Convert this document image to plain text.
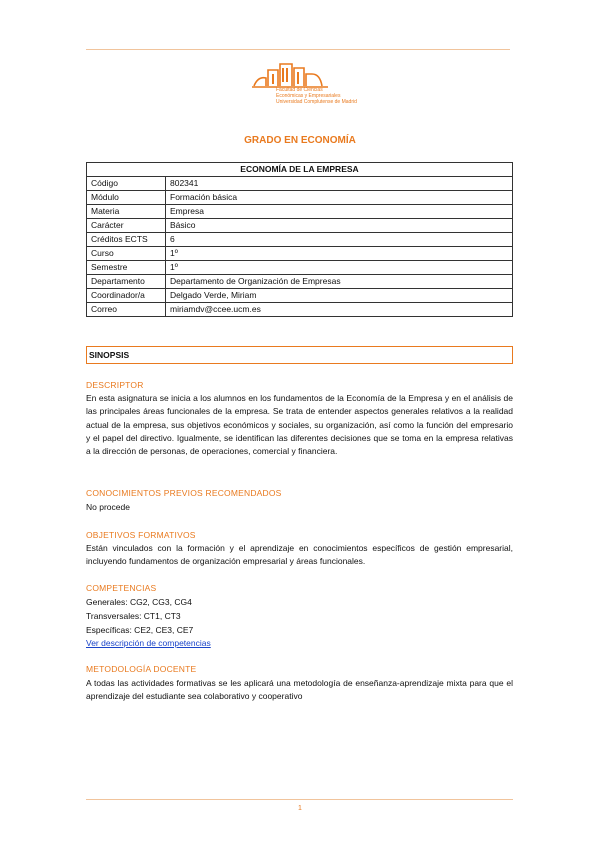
Facultad de Ciencias
Económicas y Empresariales
Universidad Complutense de Madrid
GRADO EN ECONOMÍA
ECONOMÍA DE LA EMPRESA	
Código	802341
Módulo	Formación básica
Materia	Empresa
Carácter	Básico
Créditos ECTS	6
Curso	1º
Semestre	1º
Departamento	Departamento de Organización de Empresas
Coordinador/a	Delgado Verde, Miriam
Correo	miriamdv@ccee.ucm.es
SINOPSIS
DESCRIPTOR
En esta asignatura se inicia a los alumnos en los fundamentos de la Economía de la Empresa y en el análisis de las principales áreas funcionales de la empresa. Se trata de entender aspectos generales relativos a la realidad actual de la empresa, sus objetivos económicos y sociales, su organización, así como la función del empresario y el papel del directivo. Igualmente, se identifican las diferentes decisiones que se toma en la empresa relativas a la dirección de personas, de operaciones, comercial y financiera.
CONOCIMIENTOS PREVIOS RECOMENDADOS
No procede
OBJETIVOS FORMATIVOS
Están vinculados con la formación y el aprendizaje en conocimientos específicos de gestión empresarial, incluyendo fundamentos de organización empresarial y áreas funcionales.
COMPETENCIAS
Generales: CG2, CG3, CG4
Transversales: CT1, CT3
Específicas: CE2, CE3, CE7
Ver descripción de competencias
METODOLOGÍA DOCENTE
A todas las actividades formativas se les aplicará una metodología de enseñanza-aprendizaje mixta para que el aprendizaje del estudiante sea colaborativo y cooperativo
1
